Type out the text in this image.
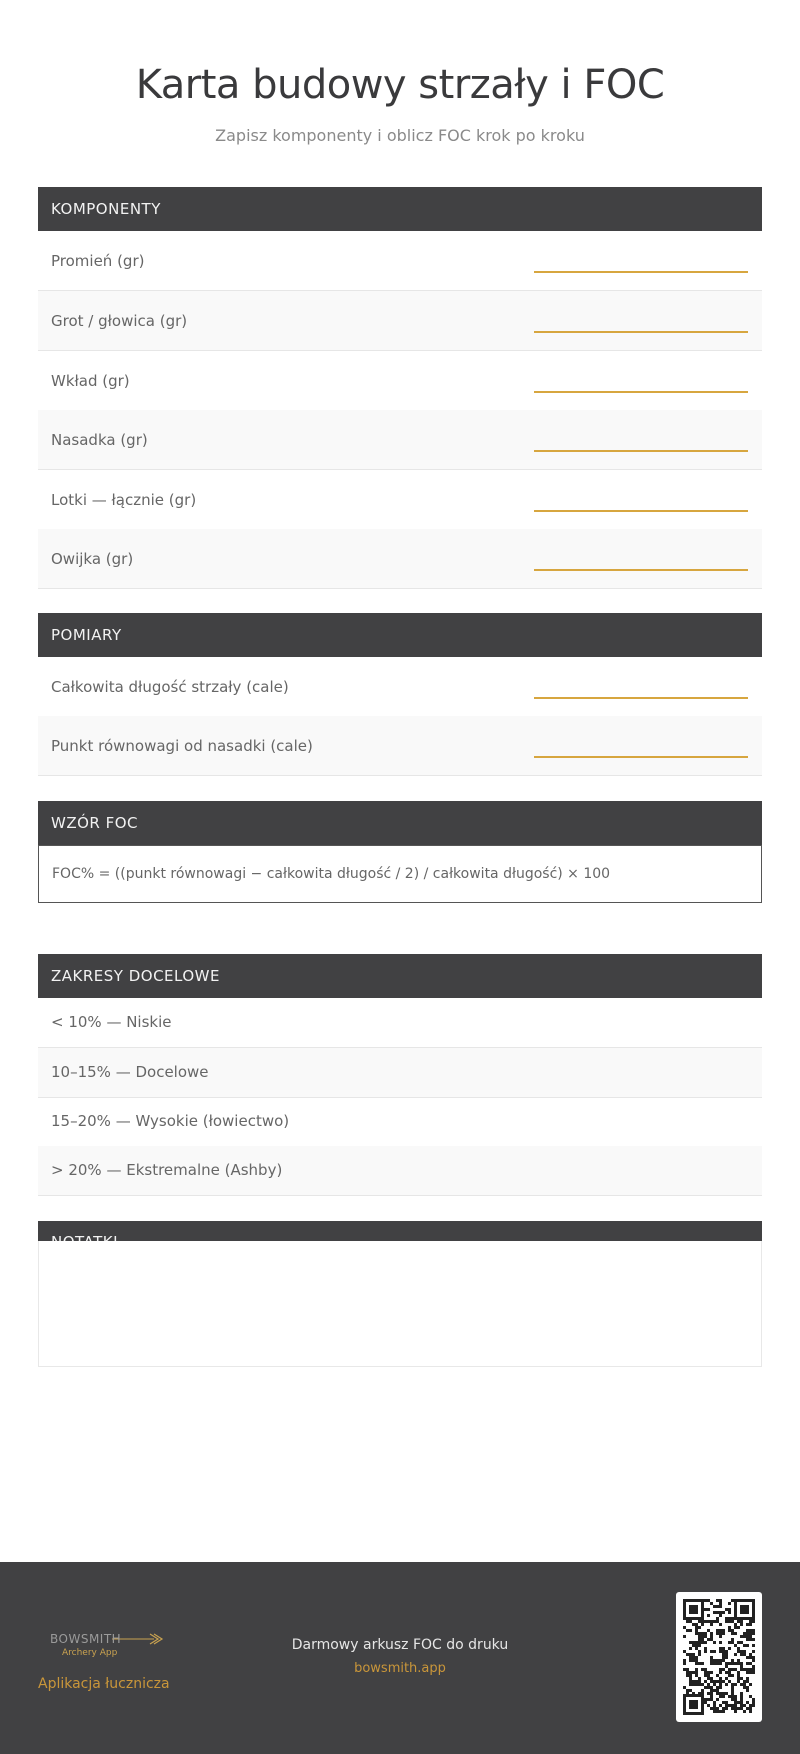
Karta budowy strzały i FOC
Zapisz komponenty i oblicz FOC krok po kroku
KOMPONENTY
Promień (gr)
Grot / głowica (gr)
Wkład (gr)
Nasadka (gr)
Lotki — łącznie (gr)
Owijka (gr)
POMIARY
Całkowita długość strzały (cale)
Punkt równowagi od nasadki (cale)
WZÓR FOC
FOC% = ((punkt równowagi − całkowita długość / 2) / całkowita długość) × 100
ZAKRESY DOCELOWE
< 10% — Niskie
10–15% — Docelowe
15–20% — Wysokie (łowiectwo)
> 20% — Ekstremalne (Ashby)
BOWSMITH
Archery App
Aplikacja łucznicza
Darmowy arkusz FOC do druku
bowsmith.app
